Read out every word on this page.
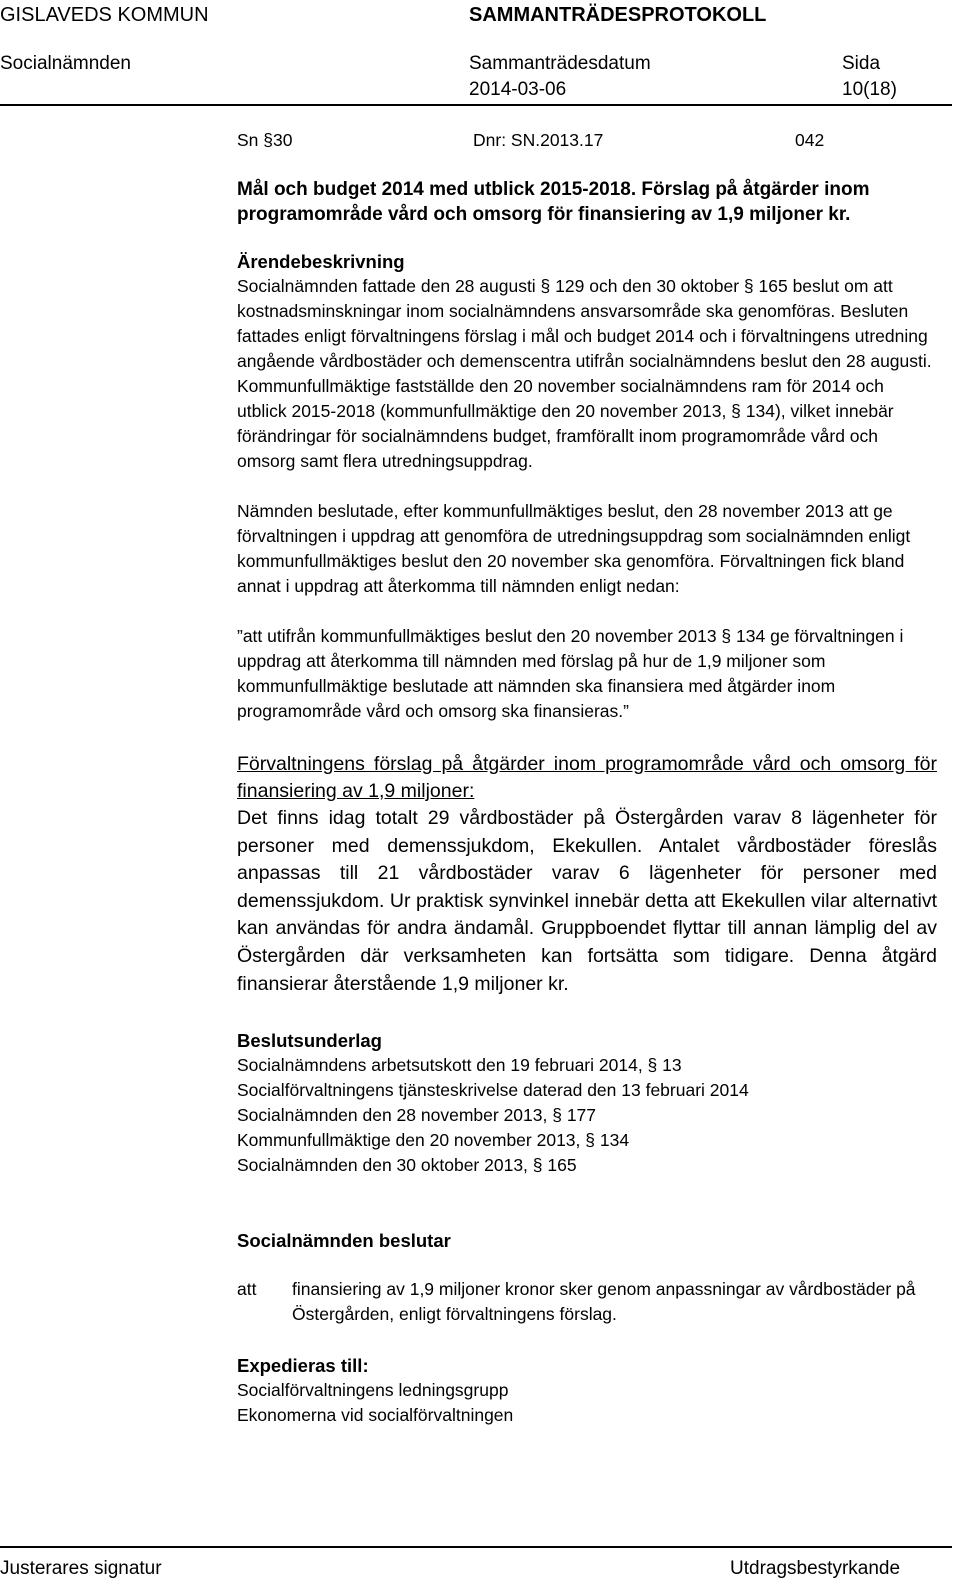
GISLAVEDS KOMMUN	SAMMANTRÄDESPROTOKOLL
Socialnämnden	Sammanträdesdatum	Sida
2014-03-06	10(18)
Sn §30	Dnr: SN.2013.17	042

Mål och budget 2014 med utblick 2015-2018. Förslag på åtgärder inom programområde vård och omsorg för finansiering av 1,9 miljoner kr.

Ärendebeskrivning

Socialnämnden fattade den 28 augusti § 129 och den 30 oktober § 165 beslut om att kostnadsminskningar inom socialnämndens ansvarsområde ska genomföras. Besluten fattades enligt förvaltningens förslag i mål och budget 2014 och i förvaltningens utredning angående vårdbostäder och demenscentra utifrån socialnämndens beslut den 28 augusti. Kommunfullmäktige fastställde den 20 november socialnämndens ram för 2014 och utblick 2015-2018 (kommunfullmäktige den 20 november 2013, § 134), vilket innebär förändringar för socialnämndens budget, framförallt inom programområde vård och omsorg samt flera utredningsuppdrag.

Nämnden beslutade, efter kommunfullmäktiges beslut, den 28 november 2013 att ge förvaltningen i uppdrag att genomföra de utredningsuppdrag som socialnämnden enligt kommunfullmäktiges beslut den 20 november ska genomföra. Förvaltningen fick bland annat i uppdrag att återkomma till nämnden enligt nedan:

”att utifrån kommunfullmäktiges beslut den 20 november 2013 § 134 ge förvaltningen i uppdrag att återkomma till nämnden med förslag på hur de 1,9 miljoner som kommunfullmäktige beslutade att nämnden ska finansiera med åtgärder inom programområde vård och omsorg ska finansieras.”

Förvaltningens förslag på åtgärder inom programområde vård och omsorg för finansiering av 1,9 miljoner:

Det finns idag totalt 29 vårdbostäder på Östergården varav 8 lägenheter för personer med demenssjukdom, Ekekullen. Antalet vårdbostäder föreslås anpassas till 21 vårdbostäder varav 6 lägenheter för personer med demenssjukdom. Ur praktisk synvinkel innebär detta att Ekekullen vilar alternativt kan användas för andra ändamål. Gruppboendet flyttar till annan lämplig del av Östergården där verksamheten kan fortsätta som tidigare. Denna åtgärd finansierar återstående 1,9 miljoner kr.

Beslutsunderlag

Socialnämndens arbetsutskott den 19 februari 2014, § 13

Socialförvaltningens tjänsteskrivelse daterad den 13 februari 2014

Socialnämnden den 28 november 2013, § 177

Kommunfullmäktige den 20 november 2013, § 134

Socialnämnden den 30 oktober 2013, § 165

Socialnämnden beslutar

att	finansiering av 1,9 miljoner kronor sker genom anpassningar av vårdbostäder på Östergården, enligt förvaltningens förslag.

Expedieras till:

Socialförvaltningens ledningsgrupp

Ekonomerna vid socialförvaltningen

Justerares signatur	Utdragsbestyrkande
